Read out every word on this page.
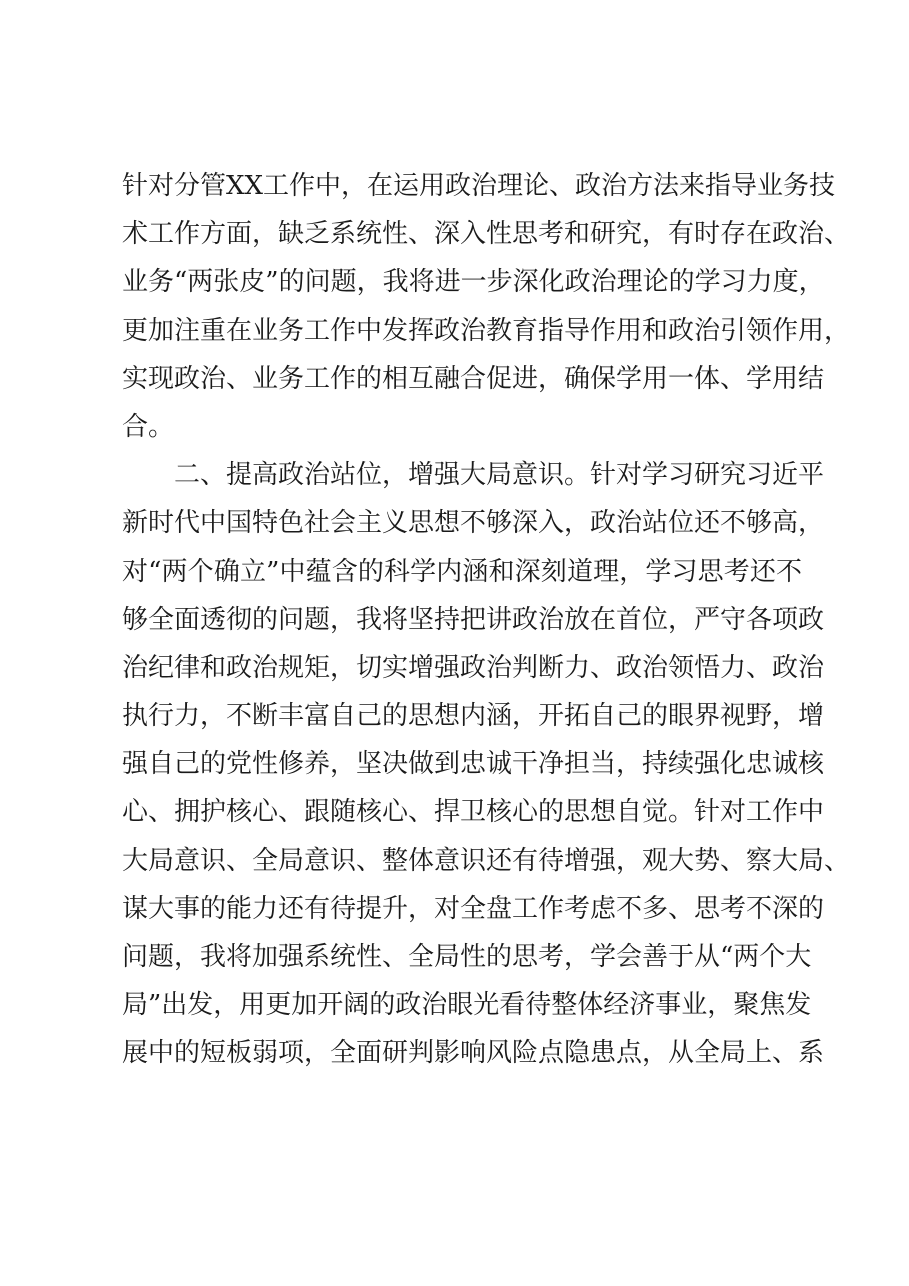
针对分管XX工作中，在运用政治理论、政治方法来指导业务技
术工作方面，缺乏系统性、深入性思考和研究，有时存在政治、
业务“两张皮”的问题，我将进一步深化政治理论的学习力度，
更加注重在业务工作中发挥政治教育指导作用和政治引领作用，
实现政治、业务工作的相互融合促进，确保学用一体、学用结
合。
二、提高政治站位，增强大局意识。针对学习研究习近平
新时代中国特色社会主义思想不够深入，政治站位还不够高，
对“两个确立”中蕴含的科学内涵和深刻道理，学习思考还不
够全面透彻的问题，我将坚持把讲政治放在首位，严守各项政
治纪律和政治规矩，切实增强政治判断力、政治领悟力、政治
执行力，不断丰富自己的思想内涵，开拓自己的眼界视野，增
强自己的党性修养，坚决做到忠诚干净担当，持续强化忠诚核
心、拥护核心、跟随核心、捍卫核心的思想自觉。针对工作中
大局意识、全局意识、整体意识还有待增强，观大势、察大局、
谋大事的能力还有待提升，对全盘工作考虑不多、思考不深的
问题，我将加强系统性、全局性的思考，学会善于从“两个大
局”出发，用更加开阔的政治眼光看待整体经济事业，聚焦发
展中的短板弱项，全面研判影响风险点隐患点，从全局上、系
